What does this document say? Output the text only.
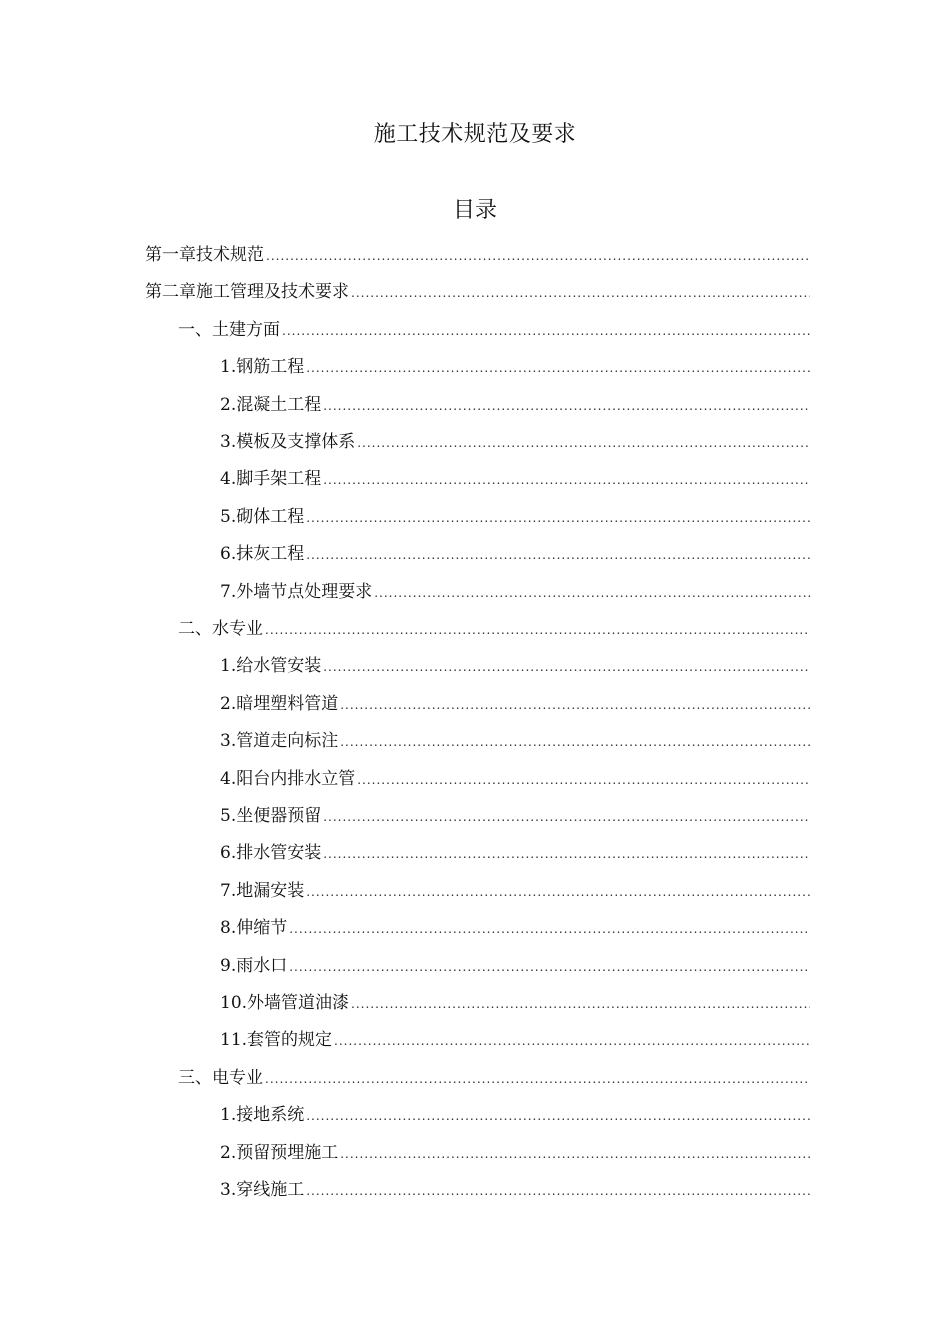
施工技术规范及要求
目录
第一章 技术规范
.....
第二章 施工管理及技术要求
.....
一、土建方面
.....
1. 钢筋工程
.....
2. 混凝土工程
.....
3. 模板及支撑体系
.....
4. 脚手架工程
.....
5. 砌体工程
.....
6. 抹灰工程
.....
7. 外墙节点处理要求
.....
二、水专业
.....
1. 给水管安装
.....
2. 暗埋塑料管道
.....
3. 管道走向标注
.....
4. 阳台内排水立管
.....
5. 坐便器预留
.....
6. 排水管安装
.....
7. 地漏安装
.....
8. 伸缩节
.....
9. 雨水口
.....
10. 外墙管道油漆
.....
11. 套管的规定
.....
三、电专业
.....
1. 接地系统
.....
2. 预留预埋施工
.....
3. 穿线施工
.....
